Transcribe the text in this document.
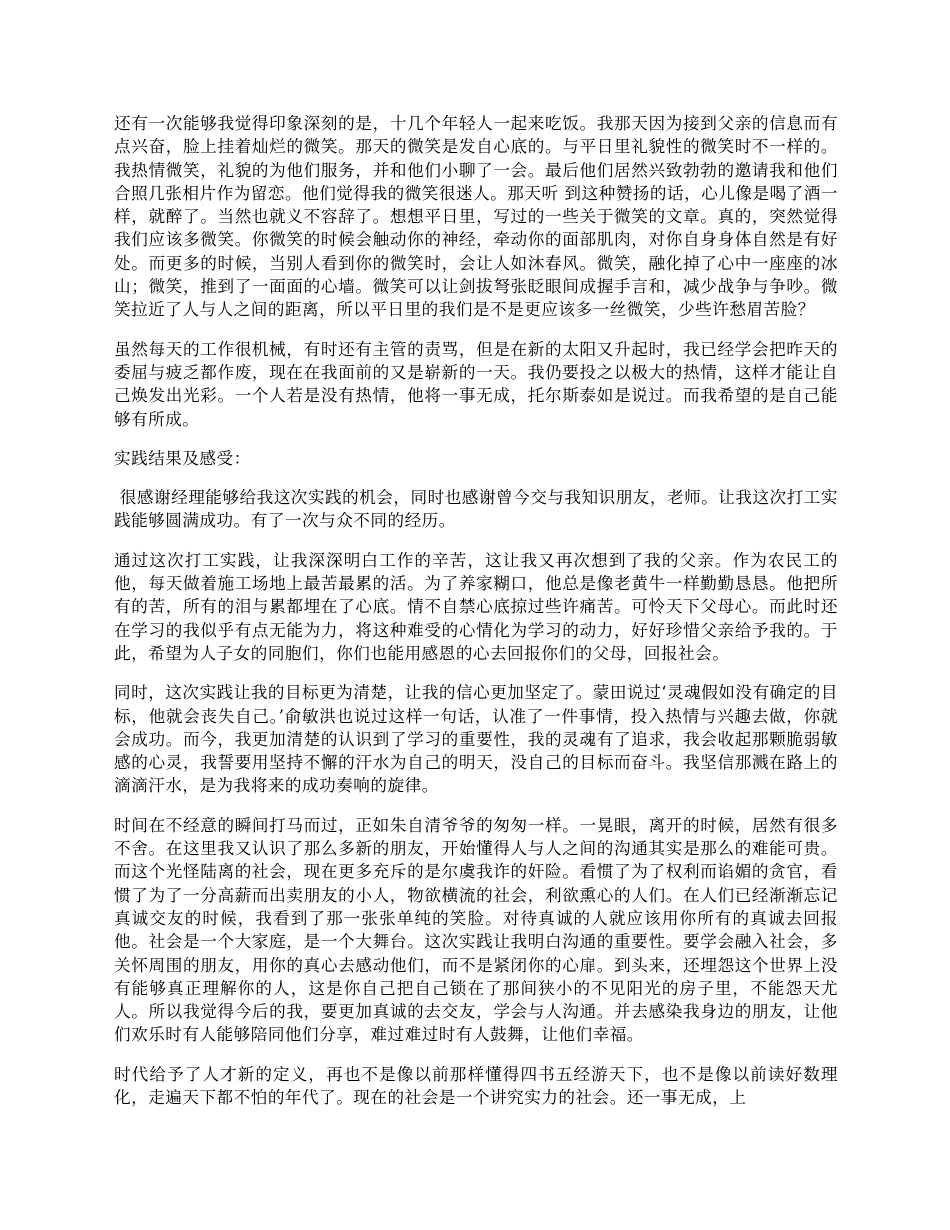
还有一次能够我觉得印象深刻的是，十几个年轻人一起来吃饭。我那天因为接到父亲的信息而有点兴奋，脸上挂着灿烂的微笑。那天的微笑是发自心底的。与平日里礼貌性的微笑时不一样的。我热情微笑，礼貌的为他们服务，并和他们小聊了一会。最后他们居然兴致勃勃的邀请我和他们合照几张相片作为留恋。他们觉得我的微笑很迷人。那天听 到这种赞扬的话，心儿像是喝了酒一样，就醉了。当然也就义不容辞了。想想平日里，写过的一些关于微笑的文章。真的，突然觉得我们应该多微笑。你微笑的时候会触动你的神经，牵动你的面部肌肉，对你自身身体自然是有好处。而更多的时候，当别人看到你的微笑时，会让人如沐春风。微笑，融化掉了心中一座座的冰山；微笑，推到了一面面的心墙。微笑可以让剑拔弩张眨眼间成握手言和，减少战争与争吵。微笑拉近了人与人之间的距离，所以平日里的我们是不是更应该多一丝微笑，少些许愁眉苦脸？

虽然每天的工作很机械，有时还有主管的责骂，但是在新的太阳又升起时，我已经学会把昨天的委屈与疲乏都作废，现在在我面前的又是崭新的一天。我仍要投之以极大的热情，这样才能让自己焕发出光彩。一个人若是没有热情，他将一事无成，托尔斯泰如是说过。而我希望的是自己能够有所成。

实践结果及感受：

很感谢经理能够给我这次实践的机会，同时也感谢曾今交与我知识朋友，老师。让我这次打工实践能够圆满成功。有了一次与众不同的经历。

通过这次打工实践，让我深深明白工作的辛苦，这让我又再次想到了我的父亲。作为农民工的他，每天做着施工场地上最苦最累的活。为了养家糊口，他总是像老黄牛一样勤勤恳恳。他把所有的苦，所有的泪与累都埋在了心底。情不自禁心底掠过些许痛苦。可怜天下父母心。而此时还在学习的我似乎有点无能为力，将这种难受的心情化为学习的动力，好好珍惜父亲给予我的。于此，希望为人子女的同胞们，你们也能用感恩的心去回报你们的父母，回报社会。

同时，这次实践让我的目标更为清楚，让我的信心更加坚定了。蒙田说过‘灵魂假如没有确定的目标，他就会丧失自己。’俞敏洪也说过这样一句话，认准了一件事情，投入热情与兴趣去做，你就会成功。而今，我更加清楚的认识到了学习的重要性，我的灵魂有了追求，我会收起那颗脆弱敏感的心灵，我誓要用坚持不懈的汗水为自己的明天，没自己的目标而奋斗。我坚信那溅在路上的滴滴汗水，是为我将来的成功奏响的旋律。

时间在不经意的瞬间打马而过，正如朱自清爷爷的匆匆一样。一晃眼，离开的时候，居然有很多不舍。在这里我又认识了那么多新的朋友，开始懂得人与人之间的沟通其实是那么的难能可贵。而这个光怪陆离的社会，现在更多充斥的是尔虞我诈的奸险。看惯了为了权利而谄媚的贪官，看惯了为了一分高薪而出卖朋友的小人，物欲横流的社会，利欲熏心的人们。在人们已经渐渐忘记真诚交友的时候，我看到了那一张张单纯的笑脸。对待真诚的人就应该用你所有的真诚去回报他。社会是一个大家庭，是一个大舞台。这次实践让我明白沟通的重要性。要学会融入社会，多关怀周围的朋友，用你的真心去感动他们，而不是紧闭你的心扉。到头来，还埋怨这个世界上没有能够真正理解你的人，这是你自己把自己锁在了那间狭小的不见阳光的房子里，不能怨天尤人。所以我觉得今后的我，要更加真诚的去交友，学会与人沟通。并去感染我身边的朋友，让他们欢乐时有人能够陪同他们分享，难过难过时有人鼓舞，让他们幸福。

时代给予了人才新的定义，再也不是像以前那样懂得四书五经游天下，也不是像以前读好数理化，走遍天下都不怕的年代了。现在的社会是一个讲究实力的社会。还一事无成，上
